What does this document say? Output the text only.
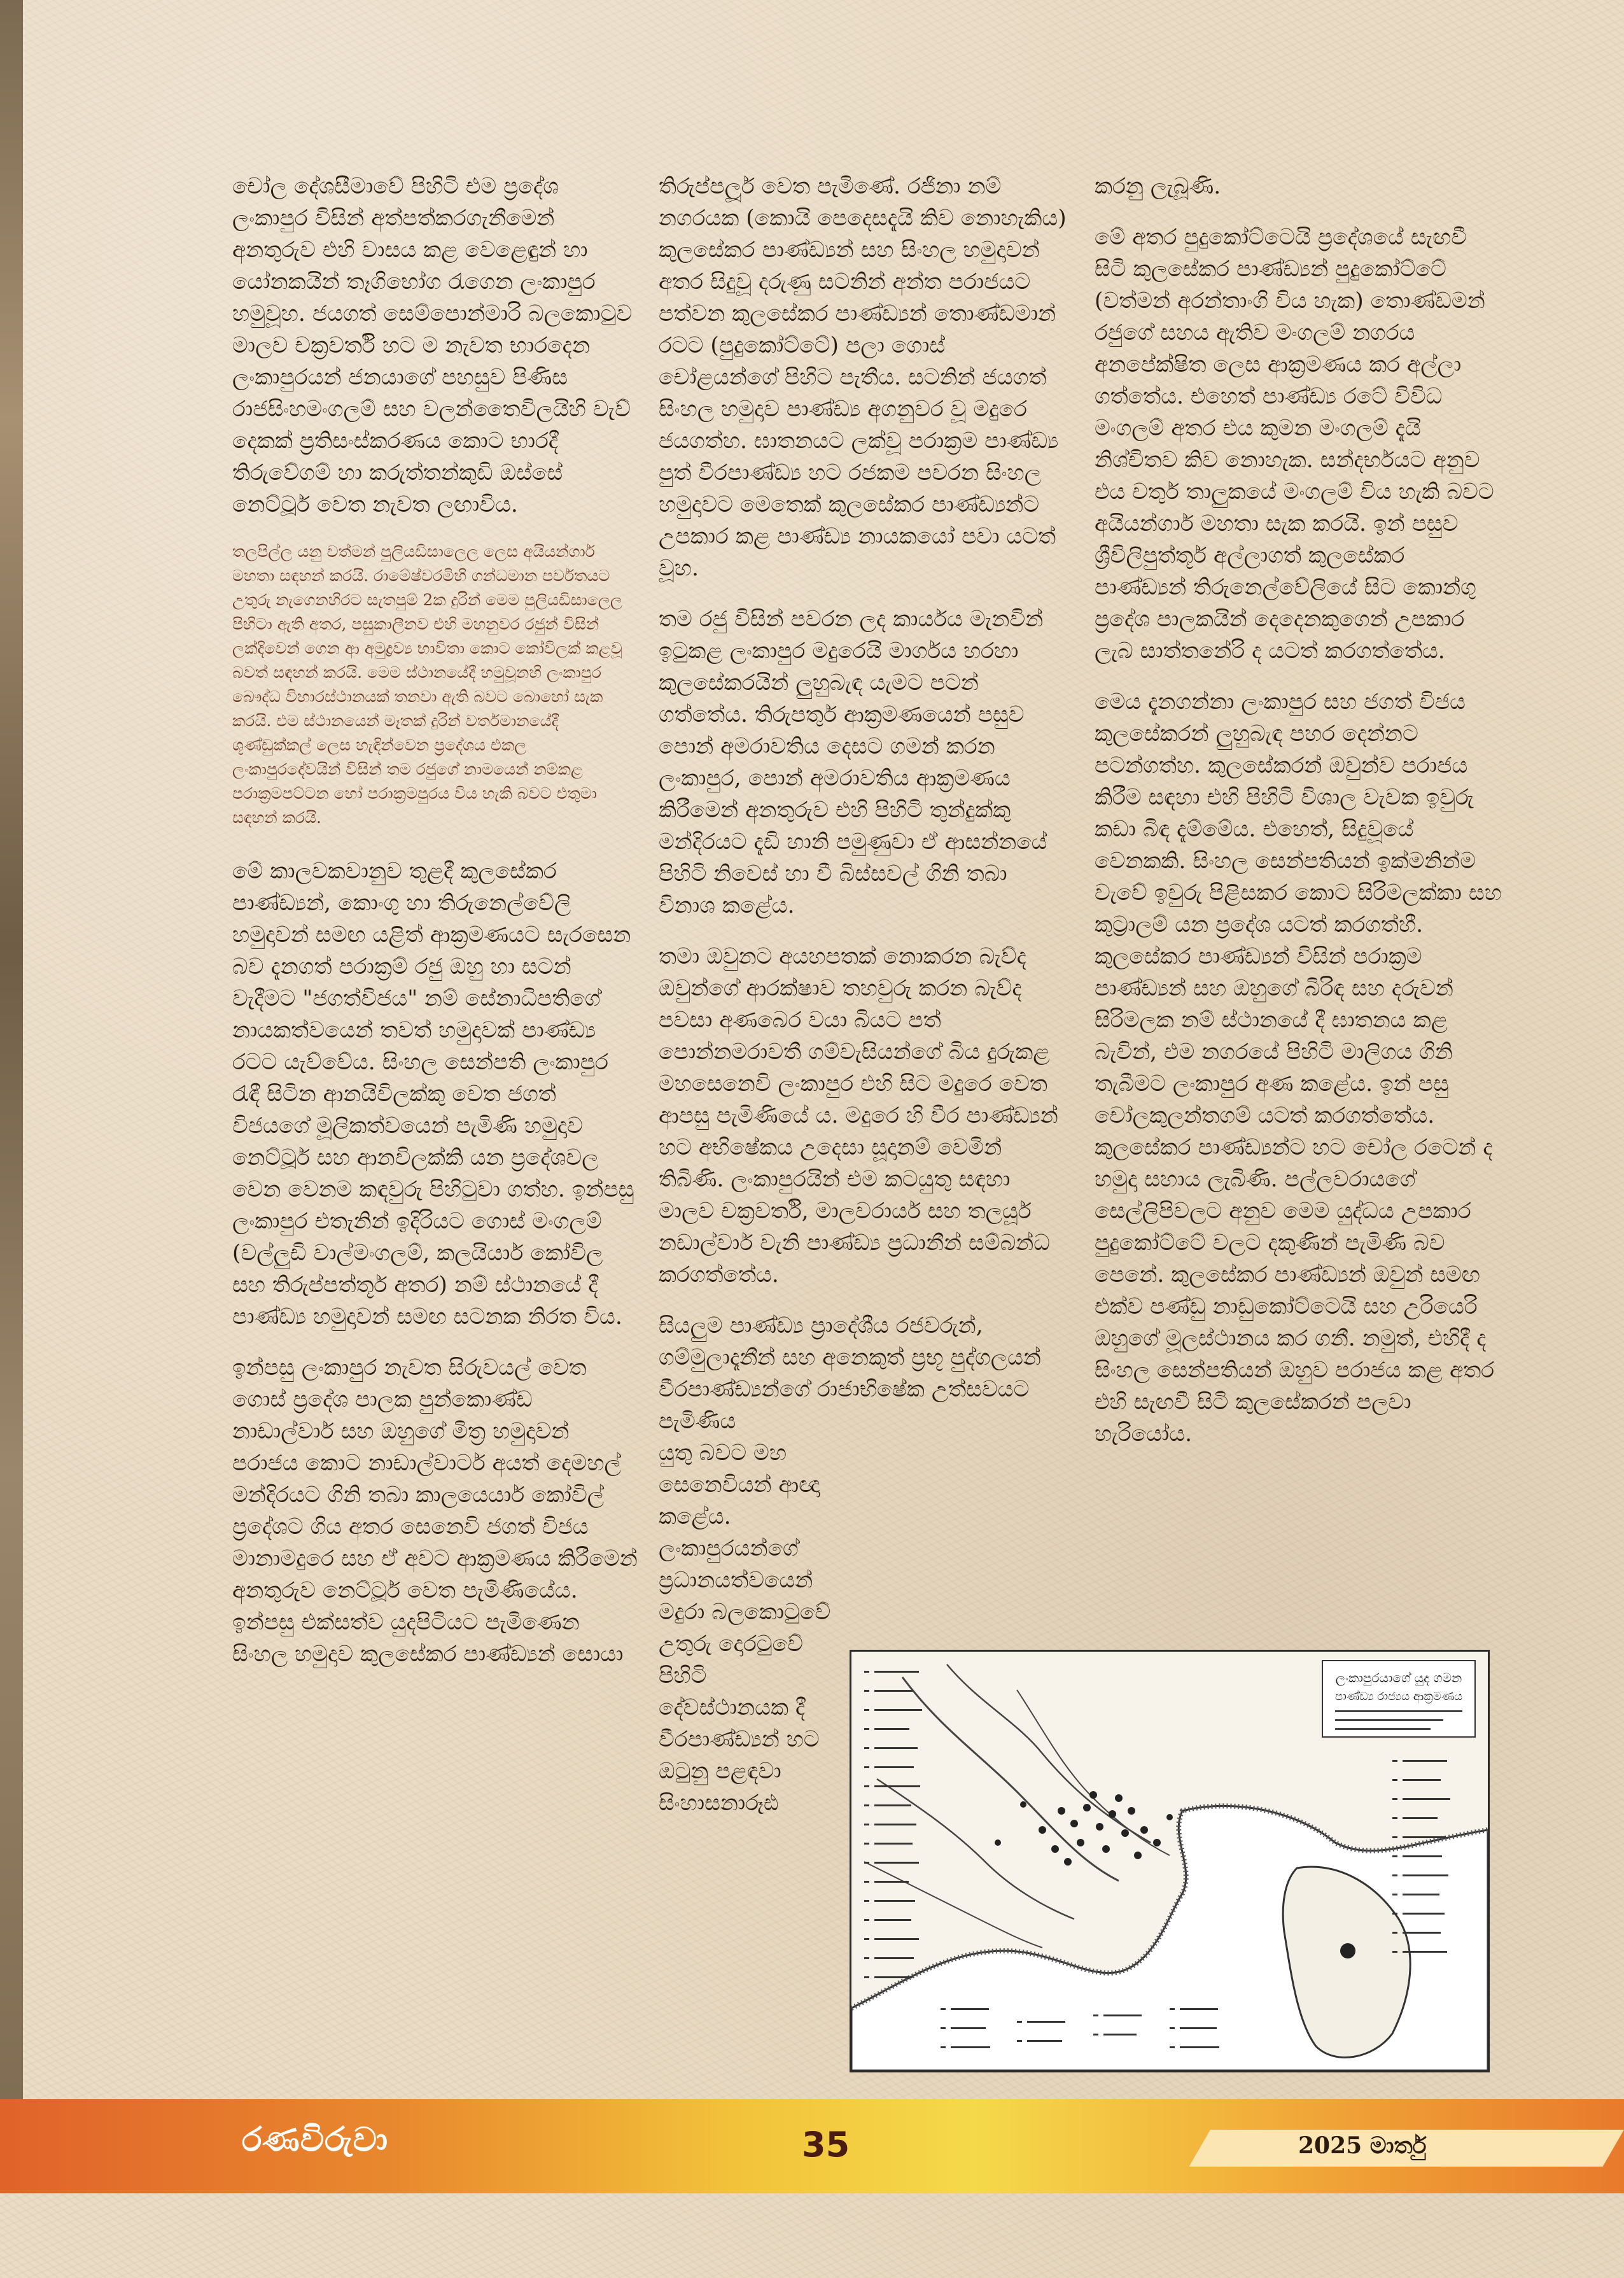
චෝල දේශසීමාවේ පිහිටි එම ප්‍රදේශ ලංකාපුර විසින් අත්පත්කරගැනීමෙන් අනතුරුව එහි වාසය කළ වෙළෙඳුන් හා යෝනකයින් තෑගිභෝග රැගෙන ලංකාපුර හමුවූහ. ජයගත් සෙම්පොන්මාරි බලකොටුව මාලව චක්‍රවර්ති හට ම නැවත භාරදෙන ලංකාපුරයන් ජනයාගේ පහසුව පිණිස රාජසිංහමංගලම් සහ වලන්තෛවිලයිහි වැව් දෙකක් ප්‍රතිසංස්කරණය කොට භාරදී තිරුවේගම් හා කරුත්තන්කුඩි ඔස්සේ නෙට්ටූර් වෙත නැවත ලඟාවිය.

තලපිල්ල යනු වත්මන් පුලියඩිසාලෙල ලෙස අයියන්ගාර් මහතා සඳහන් කරයි. රාමේෂ්වරමිහි ගන්ධමාන පර්වතයට උතුරු නැගෙනහිරට සැතපුම් 2ක දුරින් මෙම පුලියඩිසාලෙල පිහිටා ඇති අතර, පසුකාලීනව එහි මහනුවර රජුන් විසින් ලක්දිවෙන් ගෙන ආ අමුද්‍රව්‍ය භාවිතා කොට කෝවිලක් කළවූ බවත් සඳහන් කරයි. මෙම ස්ථානයේදී හමුවූනහි ලංකාපුර බෞද්ධ විහාරස්ථානයක් තනවා ඇති බවට බොහෝ සැක කරයි. එම ස්ථානයෙන් මෑතක් දුරින් වර්තමානයේදී ශූණ්ඩුක්කල් ලෙස හැඳින්වෙන ප්‍රදේශය එකල ලංකාපුරදේවයින් විසින් තම රජුගේ නාමයෙන් නම්කළ පරාක්‍රමපට්ටන හෝ පරාක්‍රමපුරය විය හැකි බවට එතුමා සඳහන් කරයි.

මේ කාලවකවානුව තුළදී කුලසේකර පාණ්ඩ්‍යන්, කොංගු හා තිරුනෙල්වේලි හමුදාවන් සමඟ යළිත් ආක්‍රමණයට සැරසෙන බව දැනගත් පරාක්‍රම් රජු ඔහු හා සටන් වැදීමට "ජගත්විජය" නම් සේනාධිපතිගේ නායකත්වයෙන් තවත් හමුදාවක් පාණ්ඩ්‍ය රටට යැව්වේය. සිංහල සෙන්පති ලංකාපුර රැඳී සිටින ආනයිවිලක්කු වෙත ජගත් විජයගේ මූලිකත්වයෙන් පැමිණි හමුදාව නෙට්ටූර් සහ ආනවිලක්කි යන ප්‍රදේශවල වෙන වෙනම කඳවුරු පිහිටුවා ගත්හ. ඉන්පසු ලංකාපුර එතැනින් ඉදිරියට ගොස් මංගලම් (වල්ලුඩි වාල්මංගලම්, කලයියාර් කෝවිල සහ තිරුප්පත්තූර් අතර) නම් ස්ථානයේ දී පාණ්ඩ්‍ය හමුදාවන් සමඟ සටනක නිරත විය.

ඉන්පසු ලංකාපුර නැවත සිරුවයල් වෙත ගොස් ප්‍රදේශ පාලක පුන්කොණ්ඩ නාඩාල්වාර් සහ ඔහුගේ මිත්‍ර හමුදාවන් පරාජය කොට නාඩාල්වාර්ට අයත් දෙමහල් මන්දිරයට ගිනි තබා කාලයෙයාර් කෝවිල් ප්‍රදේශට ගිය අතර සෙනෙවි ජගත් විජය මානාමදුරෙ සහ ඒ අවට ආක්‍රමණය කිරීමෙන් අනතුරුව නෙට්ටූර් වෙත පැමිණියේය. ඉන්පසු එක්සත්ව යුදපිටියට පැමිණෙන සිංහල හමුදාව කුලසේකර පාණ්ඩ්‍යන් සොයා

තිරුප්පලූර් වෙත පැමිණේ. රජිනා නම් නගරයක (කොයි පෙදෙසදැයි කිව නොහැකිය) කුලසේකර පාණ්ඩ්‍යන් සහ සිංහල හමුදාවන් අතර සිදුවූ දරුණු සටනින් අන්ත පරාජයට පත්වන කුලසේකර පාණ්ඩ්‍යන් තොණ්ඩමාන් රටට (පුදුකෝට්ටේ) පලා ගොස් චෝළයන්ගේ පිහිට පැතීය. සටනින් ජයගත් සිංහල හමුදාව පාණ්ඩ්‍ය අගනුවර වූ මදුරෙ ජයගත්හ. ඝාතනයට ලක්වූ පරාක්‍රම පාණ්ඩ්‍ය පුත් වීරපාණ්ඩ්‍ය හට රජකම පවරන සිංහල හමුදාවට මෙතෙක් කුලසේකර පාණ්ඩ්‍යන්ට උපකාර කළ පාණ්ඩ්‍ය නායකයෝ පවා යටත් වූහ.

තම රජු විසින් පවරන ලද කාර්යය මැනවින් ඉටුකළ ලංකාපුර මදුරෙයි මාර්ගය හරහා කුලසේකරයින් ලුහුබැඳ යැමට පටන් ගත්තේය. තිරුපතුර් ආක්‍රමණයෙන් පසුව පොන් අමරාවතිය දෙසට ගමන් කරන ලංකාපුර, පොන් අමරාවතිය ආක්‍රමණය කිරීමෙන් අනතුරුව එහි පිහිටි තුන්දුක්කු මන්දිරයට දැඩි හානි පමුණුවා ඒ ආසන්නයේ පිහිටි නිවෙස් හා වී බිස්සවල් ගිනි තබා විනාශ කළේය.

තමා ඔවුනට අයහපතක් නොකරන බැව්ද ඔවුන්ගේ ආරක්ෂාව තහවුරු කරන බැව්ද පවසා අණබෙර වයා බියට පත් පොන්නමරාවතී ගම්වැසියන්ගේ බිය දුරුකළ මහසෙනෙවි ලංකාපුර එහි සිට මදුරෙ වෙත ආපසු පැමිණියේ ය. මදුරෙ හි වීර පාණ්ඩ්‍යන් හට අභිෂේකය උදෙසා සූදානම් වෙමින් තිබිණි. ලංකාපුරයින් එම කටයුතු සඳහා මාලව චක්‍රවර්ති, මාලවරායර් සහ තලයූර් නඩාල්වාර් වැනි පාණ්ඩ්‍ය ප්‍රධානීන් සම්බන්ධ කරගත්තේය.

සියලුම පාණ්ඩ්‍ය ප්‍රාදේශීය රජවරුන්, ගම්මුලාදෑනීන් සහ අනෙකුත් ප්‍රභූ පුද්ගලයන් වීරපාණ්ඩ්‍යන්ගේ රාජාභිෂේක උත්සවයට පැමිණිය

යුතු බවට මහ සෙනෙවියන් ආඥා කළේය. ලංකාපුරයන්ගේ ප්‍රධානයත්වයෙන් මදුරා බලකොටුවේ උතුරු දොරටුවේ පිහිටි දේවස්ථානයක දී වීරපාණ්ඩ්‍යන් හට ඔටුනු පළඳවා සිංහාසනාරූඪ

කරනු ලැබූණි.

මේ අතර පුදුකෝට්ටෙයි ප්‍රදේශයේ සැඟවී සිටි කුලසේකර පාණ්ඩ්‍යන් පුදුකෝට්ටේ (වත්මන් අරන්තාංගි විය හැක) තොණ්ඩමන් රජුගේ සහය ඇතිව මංගලම් නගරය අනපේක්ෂිත ලෙස ආක්‍රමණය කර අල්ලා ගත්තේය. එහෙත් පාණ්ඩ්‍ය රටේ විවිධ මංගලම් අතර එය කුමන මංගලම් දැයි නිශ්චිතව කිව නොහැක. සන්දර්භයට අනුව එය චතුර් තාලුකයේ මංගලම් විය හැකි බවට අයියන්ගාර් මහතා සැක කරයි. ඉන් පසුව ශ්‍රීවිලිපුත්තූර් අල්ලාගත් කුලසේකර පාණ්ඩ්‍යන් තිරුනෙල්වේලියේ සිට කොන්ගු ප්‍රදේශ පාලකයින් දෙදෙනකුගෙන් උපකාර ලැබ සාත්තනේරි ද යටත් කරගත්තේය.

මෙය දැනගන්නා ලංකාපුර සහ ජගත් විජය කුලසේකරන් ලුහුබැඳ පහර දෙන්නට පටන්ගත්හ. කුලසේකරන් ඔවුන්ව පරාජය කිරීම සඳහා එහි පිහිටි විශාල වැවක ඉවුරු කඩා බිඳ දැම්මේය. එහෙත්, සිදුවූයේ වෙනකකි. සිංහල සෙන්පතියන් ඉක්මනින්ම වැවේ ඉවුරු පිළිසකර කොට සිරිමලක්කා සහ කුට්‍රාලම් යන ප්‍රදේශ යටත් කරගත්හී. කුලසේකර පාණ්ඩ්‍යන් විසින් පරාක්‍රම පාණ්ඩ්‍යන් සහ ඔහුගේ බිරිඳ සහ දරුවන් සිරිමලක නම් ස්ථානයේ දී ඝාතනය කළ බැවින්, එම නගරයේ පිහිටි මාලිගය ගිනි තැබීමට ලංකාපුර අණ කළේය. ඉන් පසු චෝලකුලන්තගම් යටත් කරගත්තේය. කුලසේකර පාණ්ඩ්‍යන්ට හට චෝල රටෙන් ද හමුදා සහාය ලැබිණි. පල්ලවරායගේ සෙල්ලිපිවලට අනුව මෙම යුද්ධය උපකාර පුදුකෝට්ටේ වලට දකුණින් පැමිණි බව පෙනේ. කුලසේකර පාණ්ඩ්‍යන් ඔවුන් සමඟ එක්ව පණ්ඩු නාඩුකෝට්ටෙයි සහ උරියෙරි ඔහුගේ මූලස්ථානය කර ගනී. නමුත්, එහිදී ද සිංහල සෙන්පතියන් ඔහුව පරාජය කළ අතර එහි සැඟවී සිටි කුලසේකරන් පලවා හැරියෝය.

ලංකාපුරයා​ගේ යුද ගමන
පාණ්ඩ්‍ය රාජ්‍යය ආක්‍රමණය
රණවිරුවා	35	2025 මාර්තු
